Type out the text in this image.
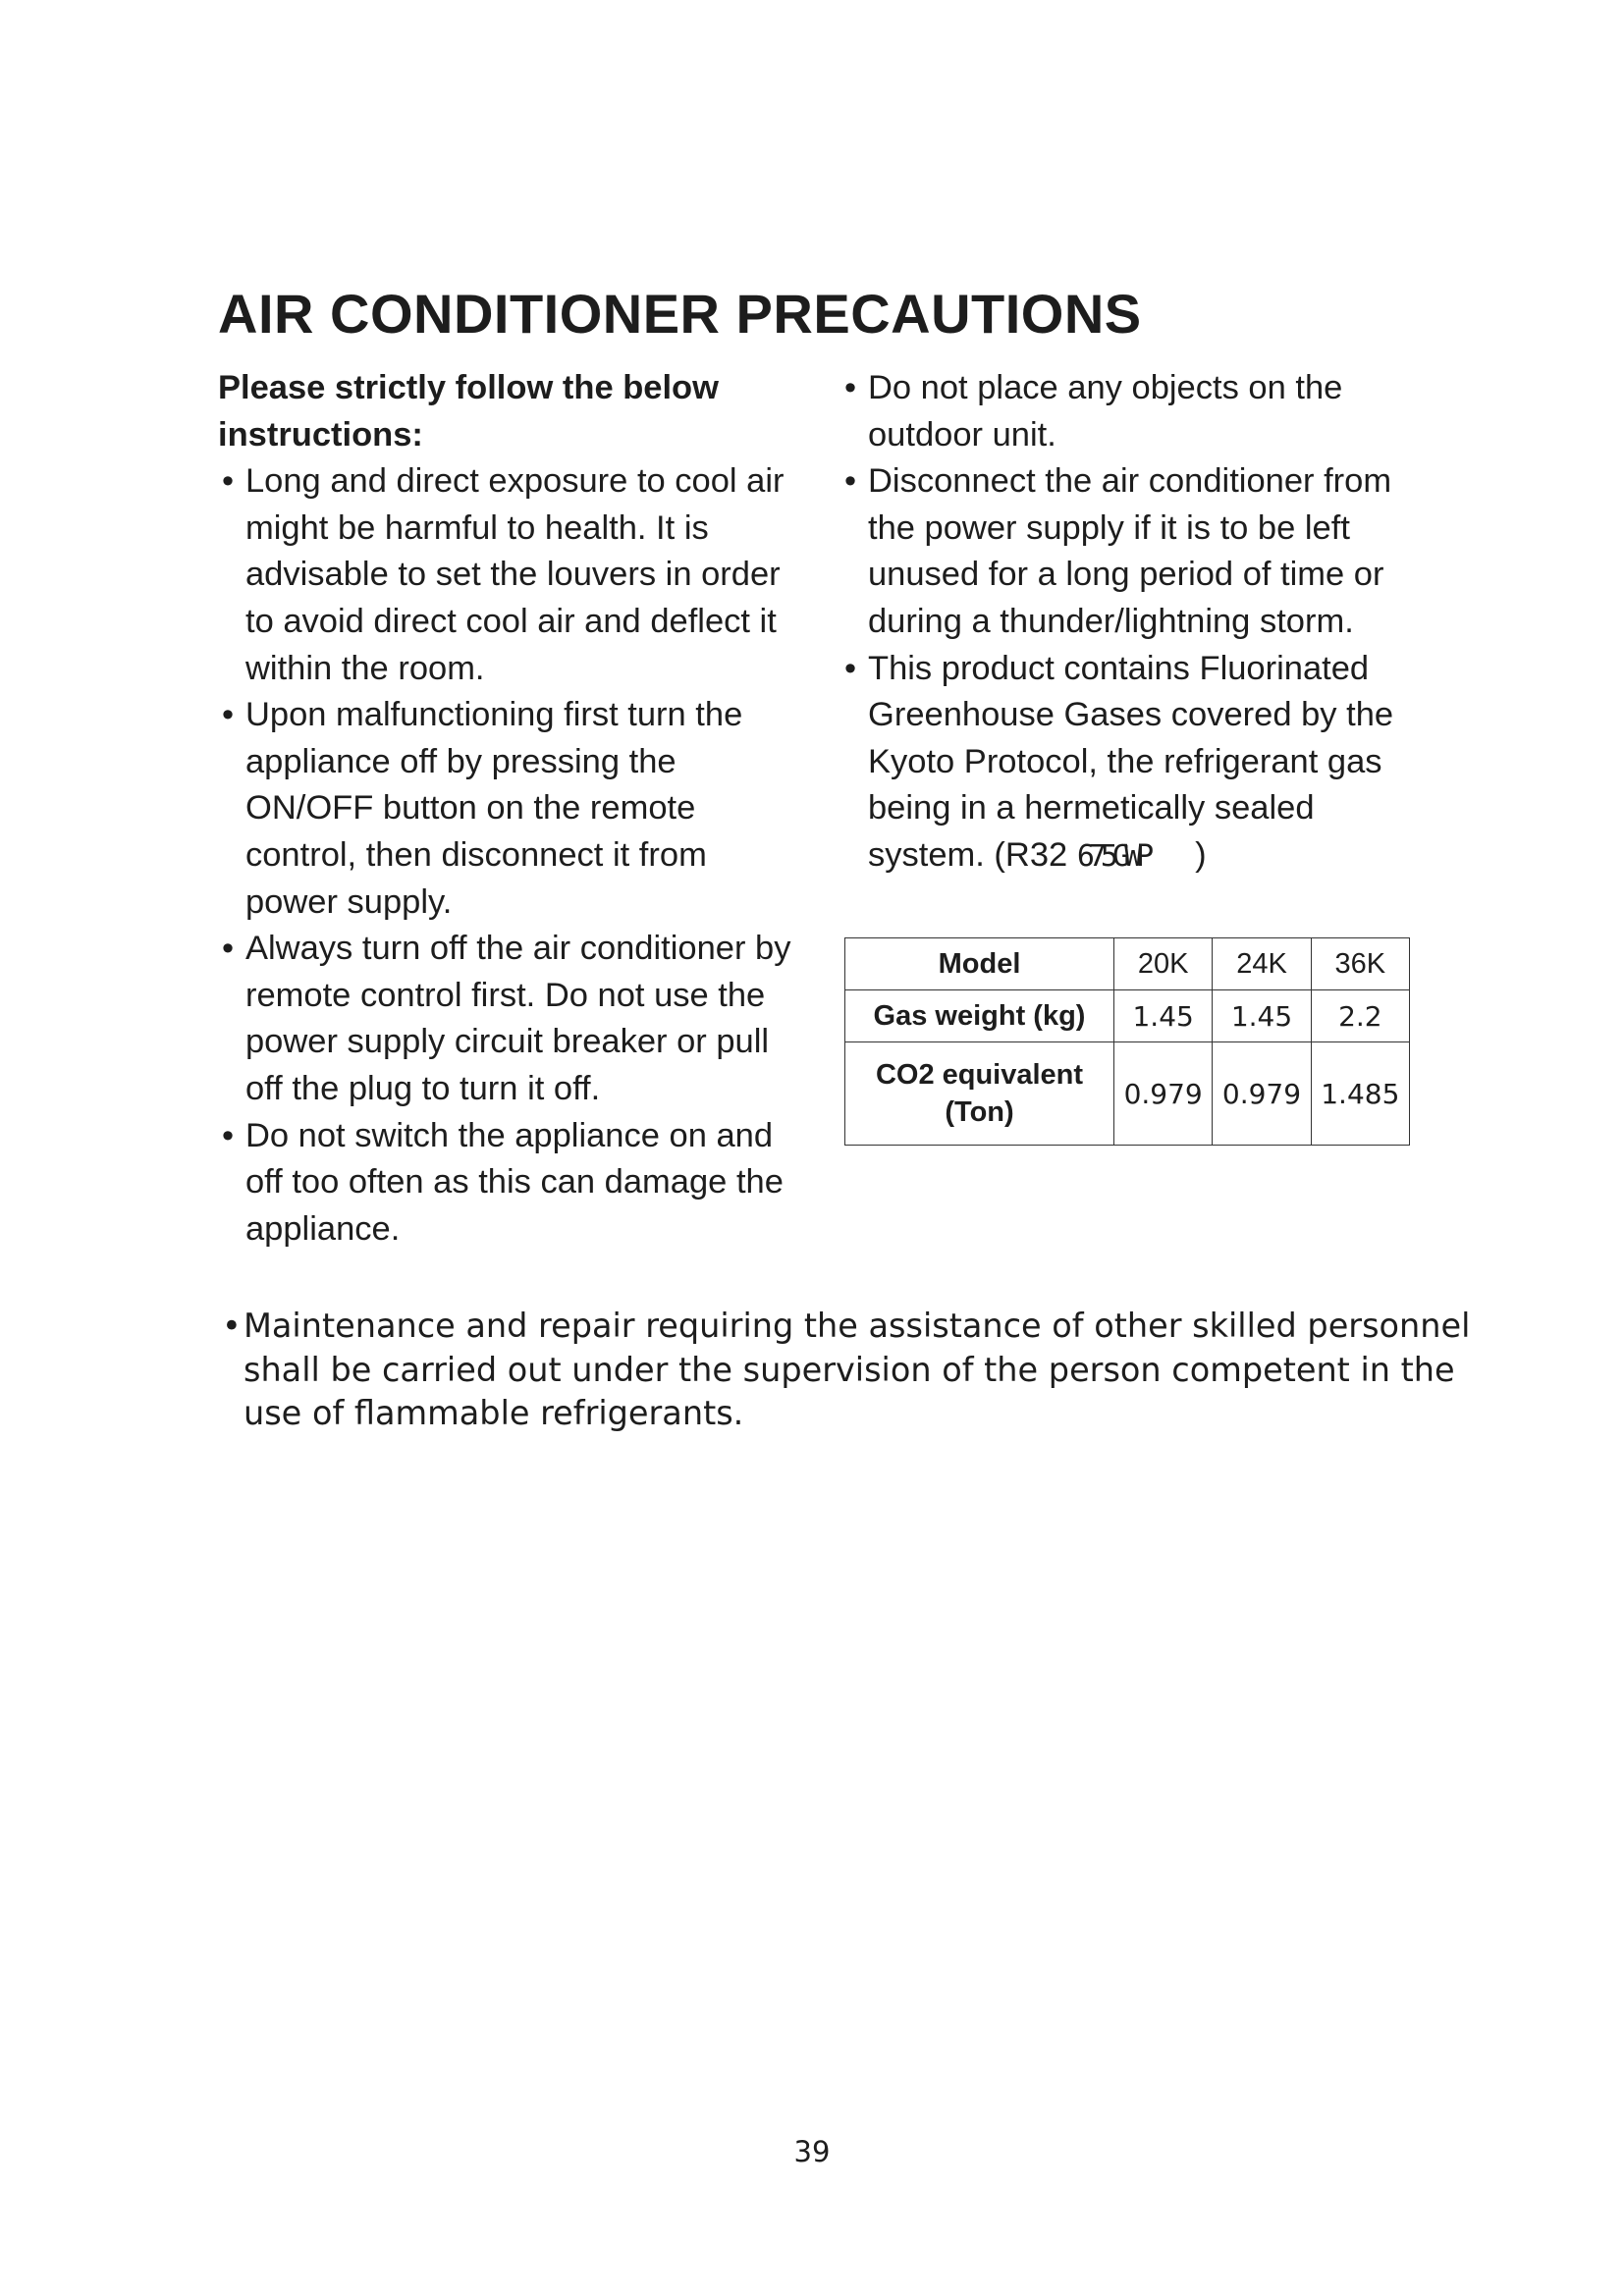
AIR CONDITIONER PRECAUTIONS

Please strictly follow the below instructions:

• Long and direct exposure to cool air might be harmful to health. It is advisable to set the louvers in order to avoid direct cool air and deflect it within the room.
• Upon malfunctioning first turn the appliance off by pressing the ON/OFF button on the remote control, then disconnect it from power supply.
• Always turn off the air conditioner by remote control first. Do not use the power supply circuit breaker or pull off the plug to turn it off.
• Do not switch the appliance on and off too often as this can damage the appliance.
• Do not place any objects on the outdoor unit.
• Disconnect the air conditioner from the power supply if it is to be left unused for a long period of time or during a thunder/lightning storm.
• This product contains Fluorinated Greenhouse Gases covered by the Kyoto Protocol, the refrigerant gas being in a hermetically sealed system. (R32 675GWP )
Model	20K	24K	36K
Gas weight (kg)	1.45	1.45	2.2
CO2 equivalent
(Ton)	0.979	0.979	1.485
• Maintenance and repair requiring the assistance of other skilled personnel shall be carried out under the supervision of the person competent in the use of flammable refrigerants.
39
